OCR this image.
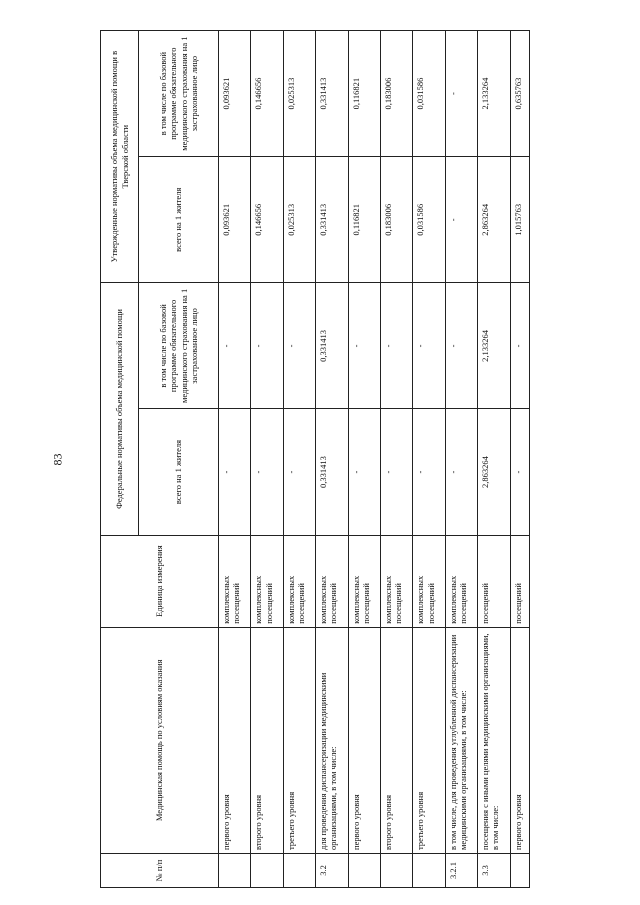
83
№ п/п	Медицинская помощь по условиям оказания	Единица измерения	Федеральные нормативы объема медицинской помощи		Утвержденные нормативы объема медицинской помощи в Тверской области	
			всего на 1 жителя	в том числе по базовой программе обязательного медицинского страхования на 1 застрахованное лицо	всего на 1 жителя	в том числе по базовой программе обязательного медицинского страхования на 1 застрахованное лицо
	первого уровня	комплексных посещений	-	-	0,093621	0,093621
	второго уровня	комплексных посещений	-	-	0,146656	0,146656
	третьего уровня	комплексных посещений	-	-	0,025313	0,025313
3.2	для проведения диспансеризации медицинскими организациями, в том числе:	комплексных посещений	0,331413	0,331413	0,331413	0,331413
	первого уровня	комплексных посещений	-	-	0,116821	0,116821
	второго уровня	комплексных посещений	-	-	0,183006	0,183006
	третьего уровня	комплексных посещений	-	-	0,031586	0,031586
3.2.1	в том числе, для проведения углубленной диспансеризации медицинскими организациями, в том числе:	комплексных посещений	-	-	-	-
3.3	посещения с иными целями медицинскими организациями, в том числе:	посещений	2,863264	2,133264	2,863264	2,133264
	первого уровня	посещений	-	-	1,015763	0,635763
